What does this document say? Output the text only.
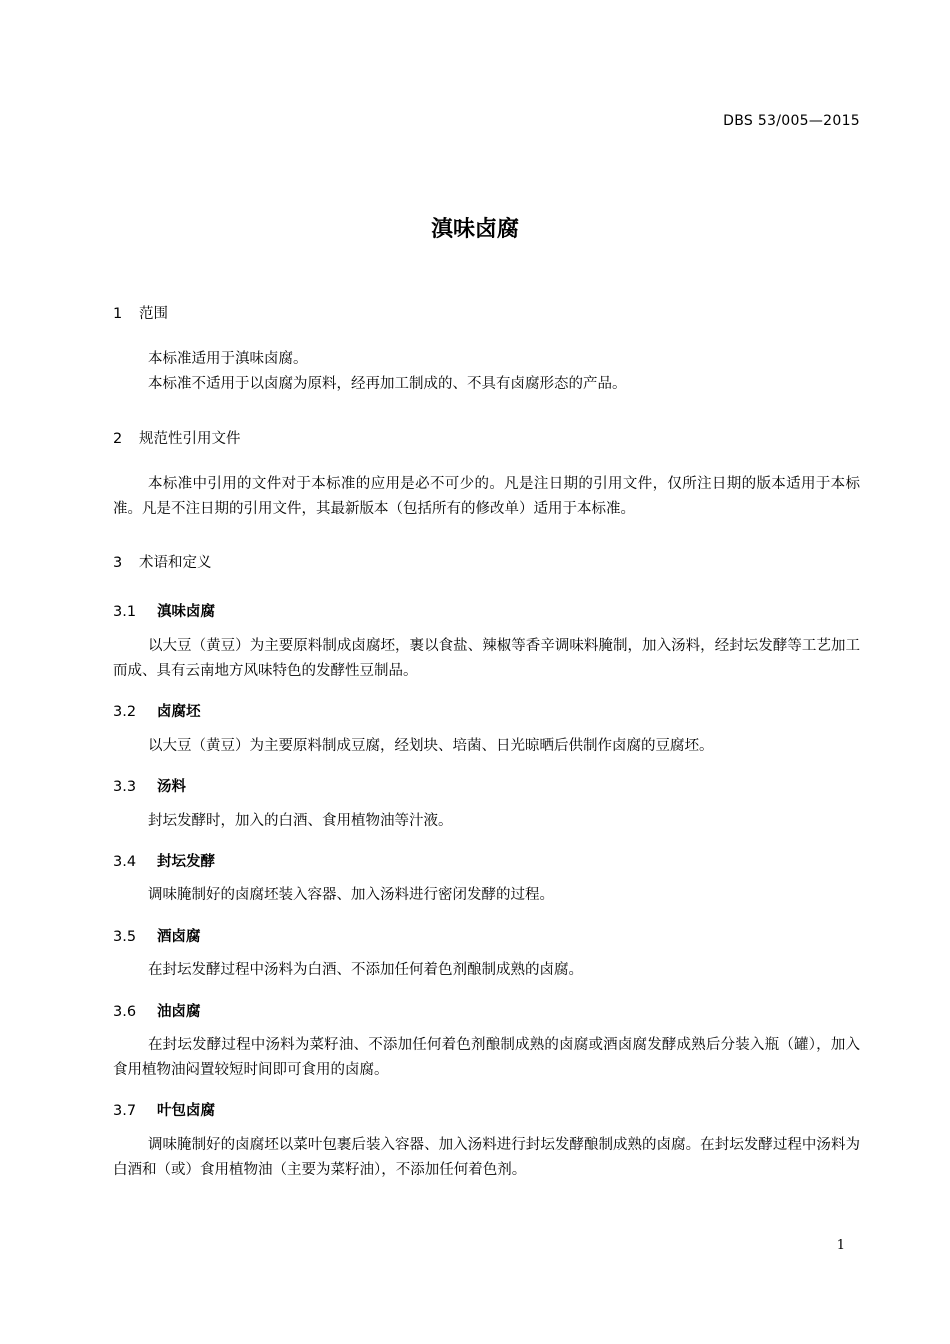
DBS 53/005—2015
滇味卤腐
1 范围

本标准适用于滇味卤腐。

本标准不适用于以卤腐为原料，经再加工制成的、不具有卤腐形态的产品。

2 规范性引用文件

本标准中引用的文件对于本标准的应用是必不可少的。凡是注日期的引用文件，仅所注日期的版本适用于本标准。凡是不注日期的引用文件，其最新版本（包括所有的修改单）适用于本标准。

3 术语和定义
3.1 滇味卤腐

以大豆（黄豆）为主要原料制成卤腐坯，裹以食盐、辣椒等香辛调味料腌制，加入汤料，经封坛发酵等工艺加工而成、具有云南地方风味特色的发酵性豆制品。

3.2 卤腐坯

以大豆（黄豆）为主要原料制成豆腐，经划块、培菌、日光晾晒后供制作卤腐的豆腐坯。

3.3 汤料

封坛发酵时，加入的白酒、食用植物油等汁液。

3.4 封坛发酵

调味腌制好的卤腐坯装入容器、加入汤料进行密闭发酵的过程。

3.5 酒卤腐

在封坛发酵过程中汤料为白酒、不添加任何着色剂酿制成熟的卤腐。

3.6 油卤腐

在封坛发酵过程中汤料为菜籽油、不添加任何着色剂酿制成熟的卤腐或酒卤腐发酵成熟后分装入瓶（罐），加入食用植物油闷置较短时间即可食用的卤腐。

3.7 叶包卤腐

调味腌制好的卤腐坯以菜叶包裹后装入容器、加入汤料进行封坛发酵酿制成熟的卤腐。在封坛发酵过程中汤料为白酒和（或）食用植物油（主要为菜籽油），不添加任何着色剂。

1
